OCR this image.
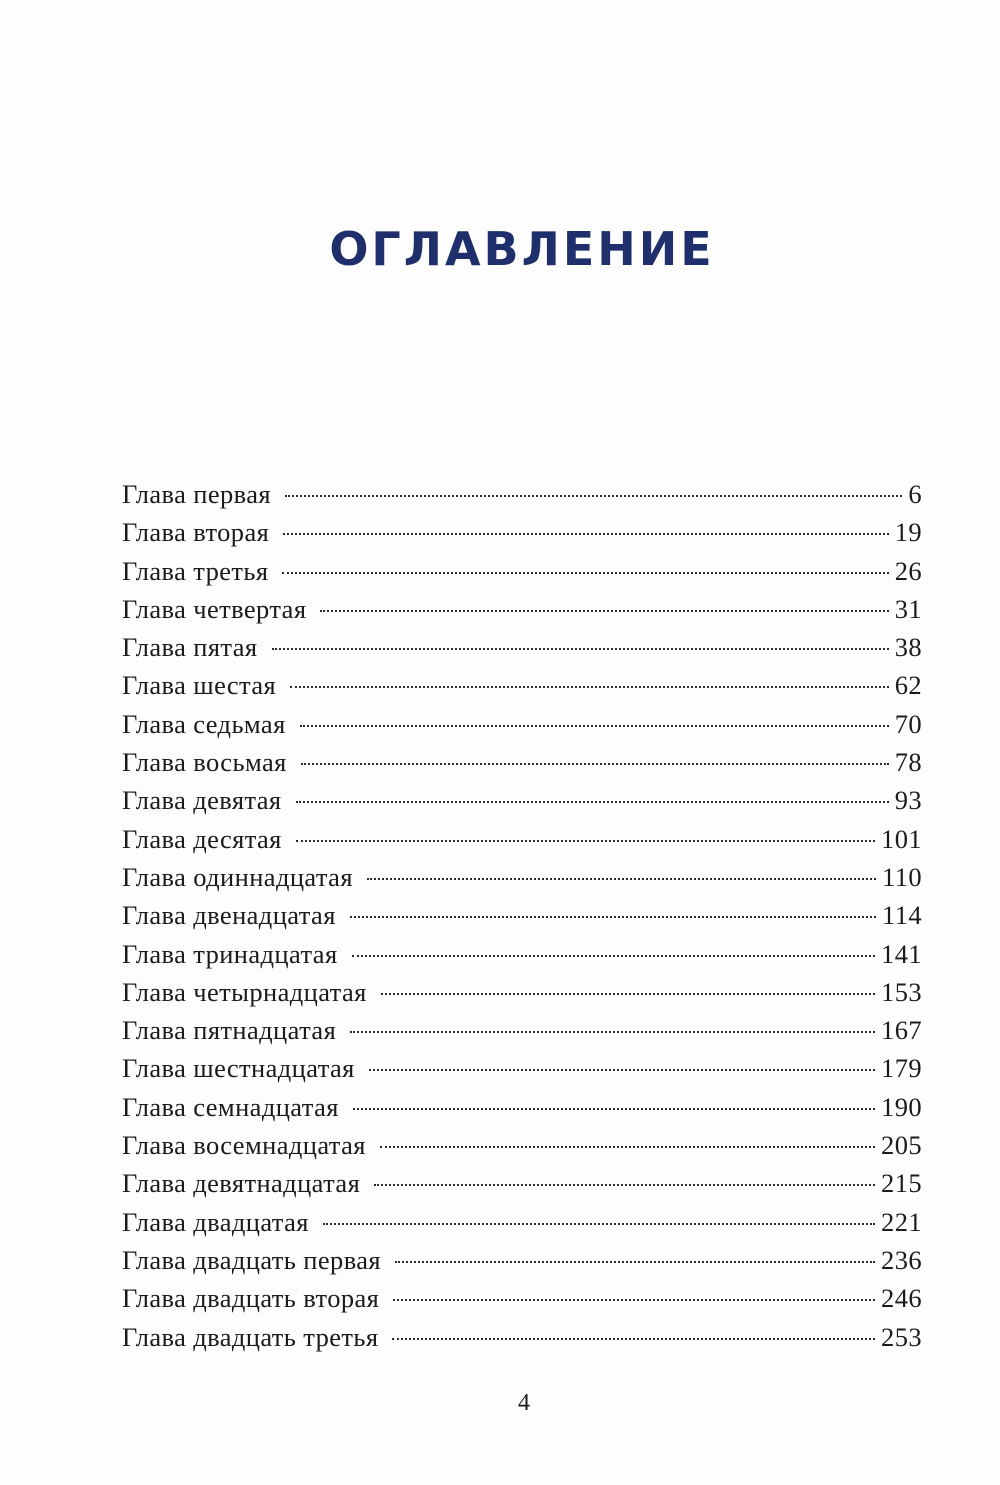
ОГЛАВЛЕНИЕ
Глава первая	6
Глава вторая	19
Глава третья	26
Глава четвертая	31
Глава пятая	38
Глава шестая	62
Глава седьмая	70
Глава восьмая	78
Глава девятая	93
Глава десятая	101
Глава одиннадцатая	110
Глава двенадцатая	114
Глава тринадцатая	141
Глава четырнадцатая	153
Глава пятнадцатая	167
Глава шестнадцатая	179
Глава семнадцатая	190
Глава восемнадцатая	205
Глава девятнадцатая	215
Глава двадцатая	221
Глава двадцать первая	236
Глава двадцать вторая	246
Глава двадцать третья	253
4
